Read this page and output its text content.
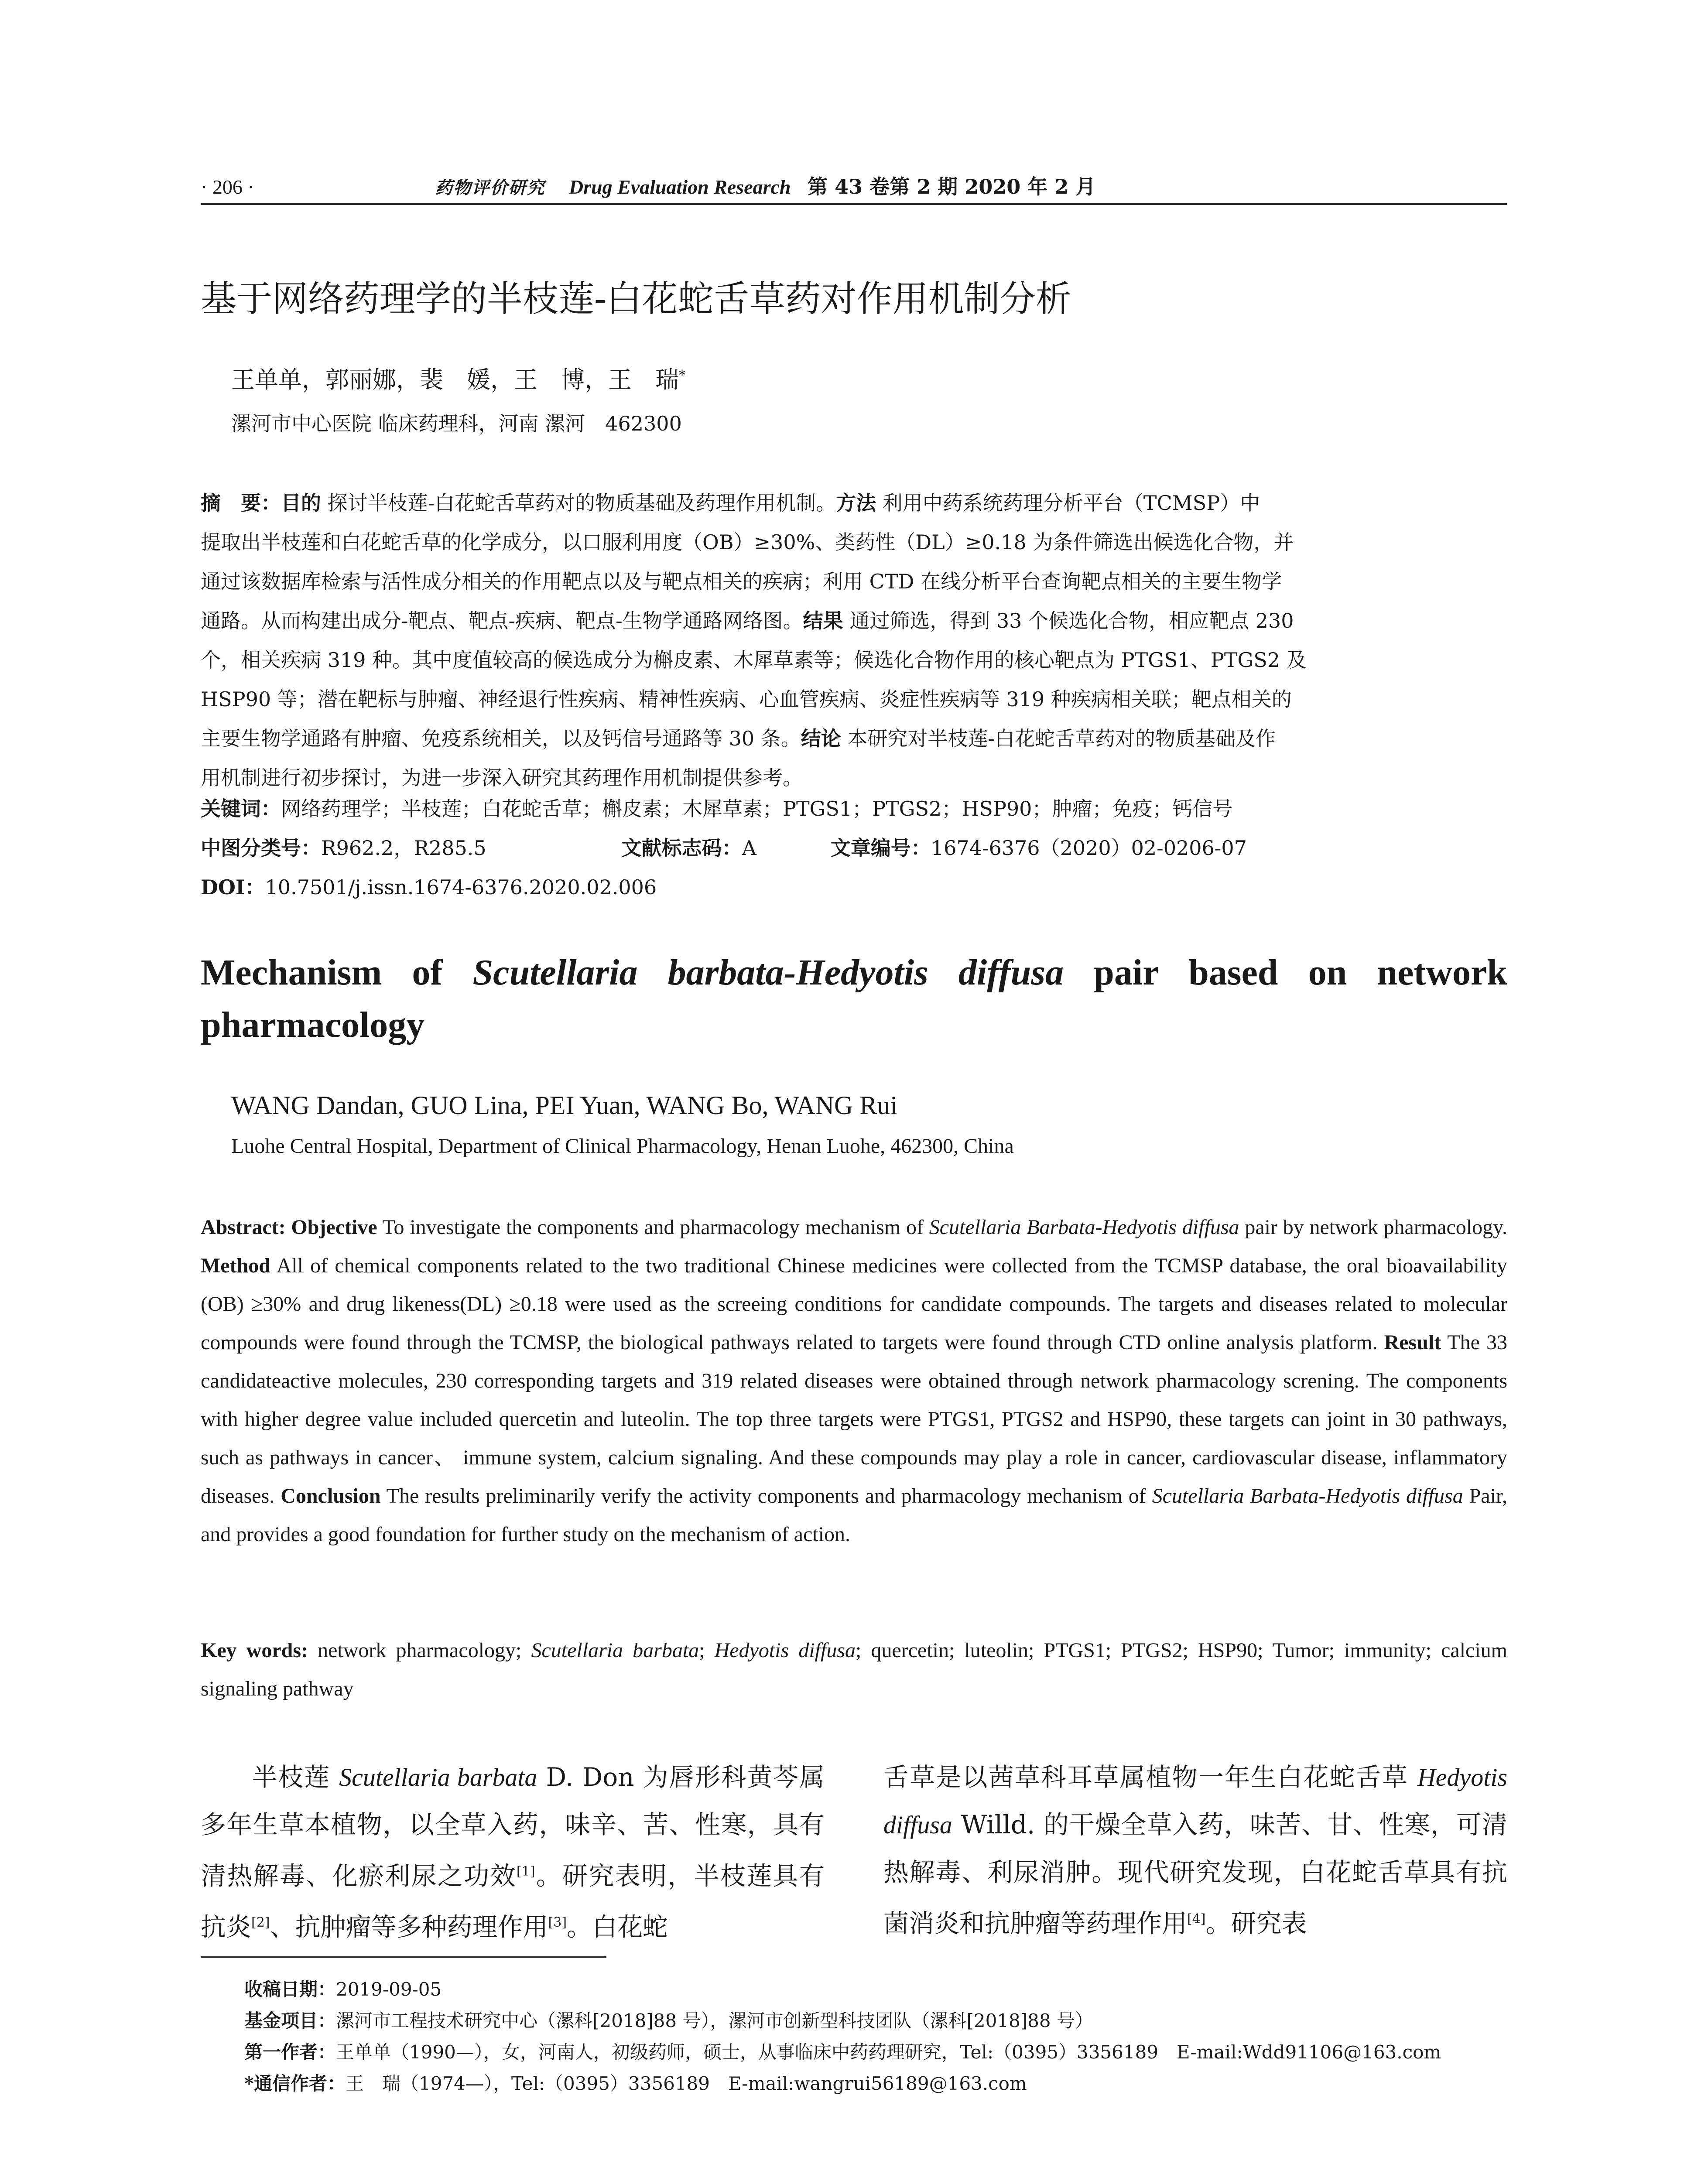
· 206 ·	药物评价研究 Drug Evaluation Research 第 43 卷第 2 期 2020 年 2 月
基于网络药理学的半枝莲-白花蛇舌草药对作用机制分析
王单单，郭丽娜，裴　媛，王　博，王　瑞*
漯河市中心医院 临床药理科，河南 漯河　462300
摘　要：目的 探讨半枝莲-白花蛇舌草药对的物质基础及药理作用机制。方法 利用中药系统药理分析平台（TCMSP）中
提取出半枝莲和白花蛇舌草的化学成分，以口服利用度（OB）≥30%、类药性（DL）≥0.18 为条件筛选出候选化合物，并
通过该数据库检索与活性成分相关的作用靶点以及与靶点相关的疾病；利用 CTD 在线分析平台查询靶点相关的主要生物学
通路。从而构建出成分-靶点、靶点-疾病、靶点-生物学通路网络图。结果 通过筛选，得到 33 个候选化合物，相应靶点 230
个，相关疾病 319 种。其中度值较高的候选成分为槲皮素、木犀草素等；候选化合物作用的核心靶点为 PTGS1、PTGS2 及
HSP90 等；潜在靶标与肿瘤、神经退行性疾病、精神性疾病、心血管疾病、炎症性疾病等 319 种疾病相关联；靶点相关的
主要生物学通路有肿瘤、免疫系统相关，以及钙信号通路等 30 条。结论 本研究对半枝莲-白花蛇舌草药对的物质基础及作
用机制进行初步探讨，为进一步深入研究其药理作用机制提供参考。
关键词：网络药理学；半枝莲；白花蛇舌草；槲皮素；木犀草素；PTGS1；PTGS2；HSP90；肿瘤；免疫；钙信号
中图分类号：R962.2，R285.5	文献标志码：A	文章编号：1674-6376（2020）02-0206-07
DOI：10.7501/j.issn.1674-6376.2020.02.006
Mechanism of Scutellaria barbata-Hedyotis diffusa pair based on network pharmacology
WANG Dandan, GUO Lina, PEI Yuan, WANG Bo, WANG Rui
Luohe Central Hospital, Department of Clinical Pharmacology, Henan Luohe, 462300, China
Abstract: Objective To investigate the components and pharmacology mechanism of Scutellaria Barbata-Hedyotis diffusa pair by network pharmacology. Method All of chemical components related to the two traditional Chinese medicines were collected from the TCMSP database, the oral bioavailability (OB) ≥30% and drug likeness(DL) ≥0.18 were used as the screeing conditions for candidate compounds. The targets and diseases related to molecular compounds were found through the TCMSP, the biological pathways related to targets were found through CTD online analysis platform. Result The 33 candidateactive molecules, 230 corresponding targets and 319 related diseases were obtained through network pharmacology screning. The components with higher degree value included quercetin and luteolin. The top three targets were PTGS1, PTGS2 and HSP90, these targets can joint in 30 pathways, such as pathways in cancer、 immune system, calcium signaling. And these compounds may play a role in cancer, cardiovascular disease, inflammatory diseases. Conclusion The results preliminarily verify the activity components and pharmacology mechanism of Scutellaria Barbata-Hedyotis diffusa Pair, and provides a good foundation for further study on the mechanism of action.
Key words: network pharmacology; Scutellaria barbata; Hedyotis diffusa; quercetin; luteolin; PTGS1; PTGS2; HSP90; Tumor; immunity; calcium signaling pathway
半枝莲 Scutellaria barbata D. Don 为唇形科黄芩属多年生草本植物，以全草入药，味辛、苦、性寒，具有清热解毒、化瘀利尿之功效[1]。研究表明，半枝莲具有抗炎[2]、抗肿瘤等多种药理作用[3]。白花蛇
舌草是以茜草科耳草属植物一年生白花蛇舌草 Hedyotis diffusa Willd. 的干燥全草入药，味苦、甘、性寒，可清热解毒、利尿消肿。现代研究发现，白花蛇舌草具有抗菌消炎和抗肿瘤等药理作用[4]。研究表
收稿日期：2019-09-05
基金项目：漯河市工程技术研究中心（漯科[2018]88 号），漯河市创新型科技团队（漯科[2018]88 号）
第一作者：王单单（1990—），女，河南人，初级药师，硕士，从事临床中药药理研究，Tel:（0395）3356189　E-mail:Wdd91106@163.com
*通信作者：王　瑞（1974—），Tel:（0395）3356189　E-mail:wangrui56189@163.com
